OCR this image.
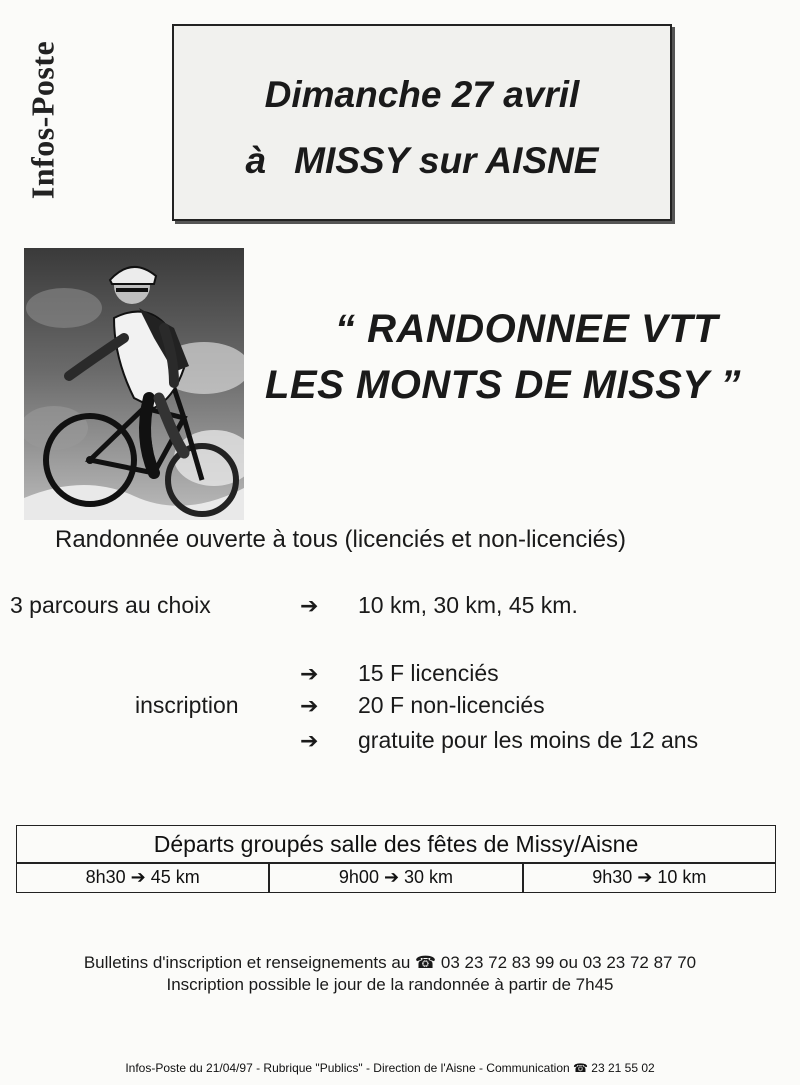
Infos-Poste	Dimanche 27 avril
à MISSY sur AISNE
“ RANDONNEE VTT
LES MONTS DE MISSY ”
Randonnée ouverte à tous (licenciés et non-licenciés)
3 parcours au choix	➔ 10 km, 30 km, 45 km.
➔ 15 F licenciés
inscription	➔ 20 F non-licenciés
➔ gratuite pour les moins de 12 ans
Départs groupés salle des fêtes de Missy/Aisne
8h30 ➔ 45 km	9h00 ➔ 30 km	9h30 ➔ 10 km
Bulletins d'inscription et renseignements au ☎ 03 23 72 83 99 ou 03 23 72 87 70
Inscription possible le jour de la randonnée à partir de 7h45
Infos-Poste du 21/04/97 - Rubrique "Publics" - Direction de l'Aisne - Communication ☎ 23 21 55 02
